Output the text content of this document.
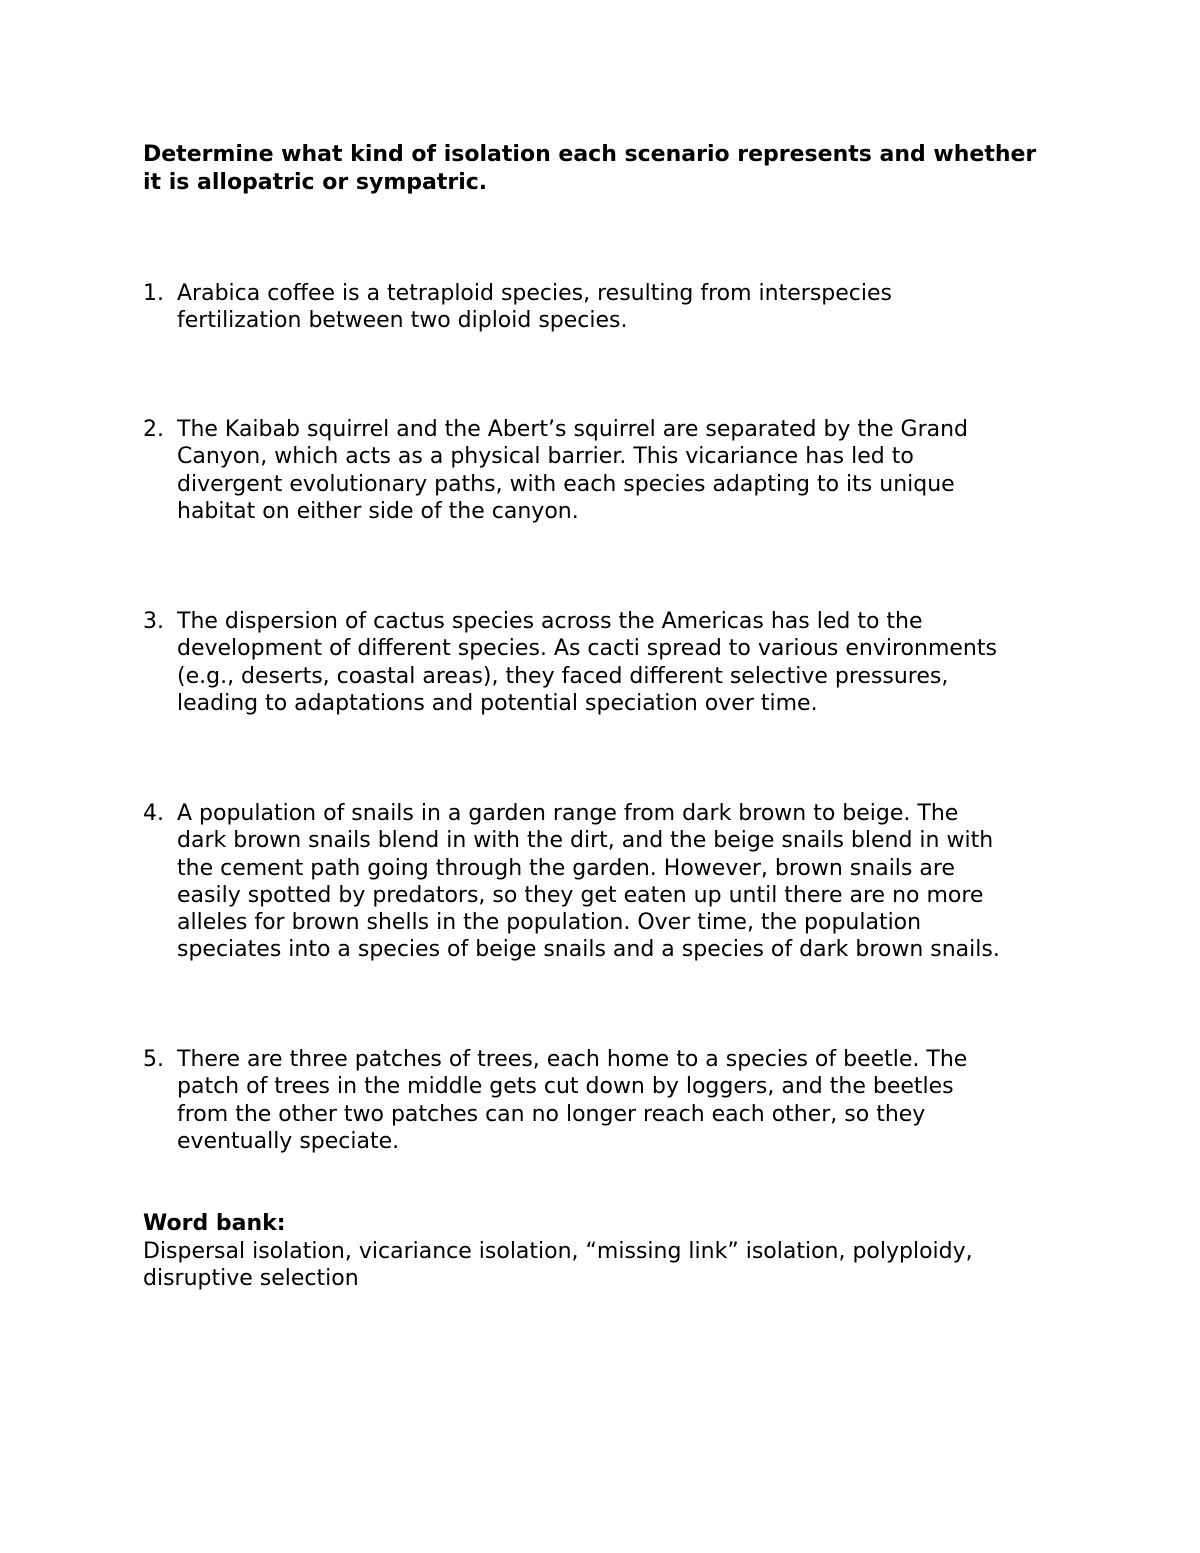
Determine what kind of isolation each scenario represents and whether it is allopatric or sympatric.

1. Arabica coffee is a tetraploid species, resulting from interspecies
fertilization between two diploid species.
2. The Kaibab squirrel and the Abert’s squirrel are separated by the Grand
Canyon, which acts as a physical barrier. This vicariance has led to
divergent evolutionary paths, with each species adapting to its unique
habitat on either side of the canyon.
3. The dispersion of cactus species across the Americas has led to the
development of different species. As cacti spread to various environments
(e.g., deserts, coastal areas), they faced different selective pressures,
leading to adaptations and potential speciation over time.
4. A population of snails in a garden range from dark brown to beige. The
dark brown snails blend in with the dirt, and the beige snails blend in with
the cement path going through the garden. However, brown snails are
easily spotted by predators, so they get eaten up until there are no more
alleles for brown shells in the population. Over time, the population
speciates into a species of beige snails and a species of dark brown snails.
5. There are three patches of trees, each home to a species of beetle. The
patch of trees in the middle gets cut down by loggers, and the beetles
from the other two patches can no longer reach each other, so they
eventually speciate.
Word bank:
Dispersal isolation, vicariance isolation, “missing link” isolation, polyploidy,
disruptive selection
